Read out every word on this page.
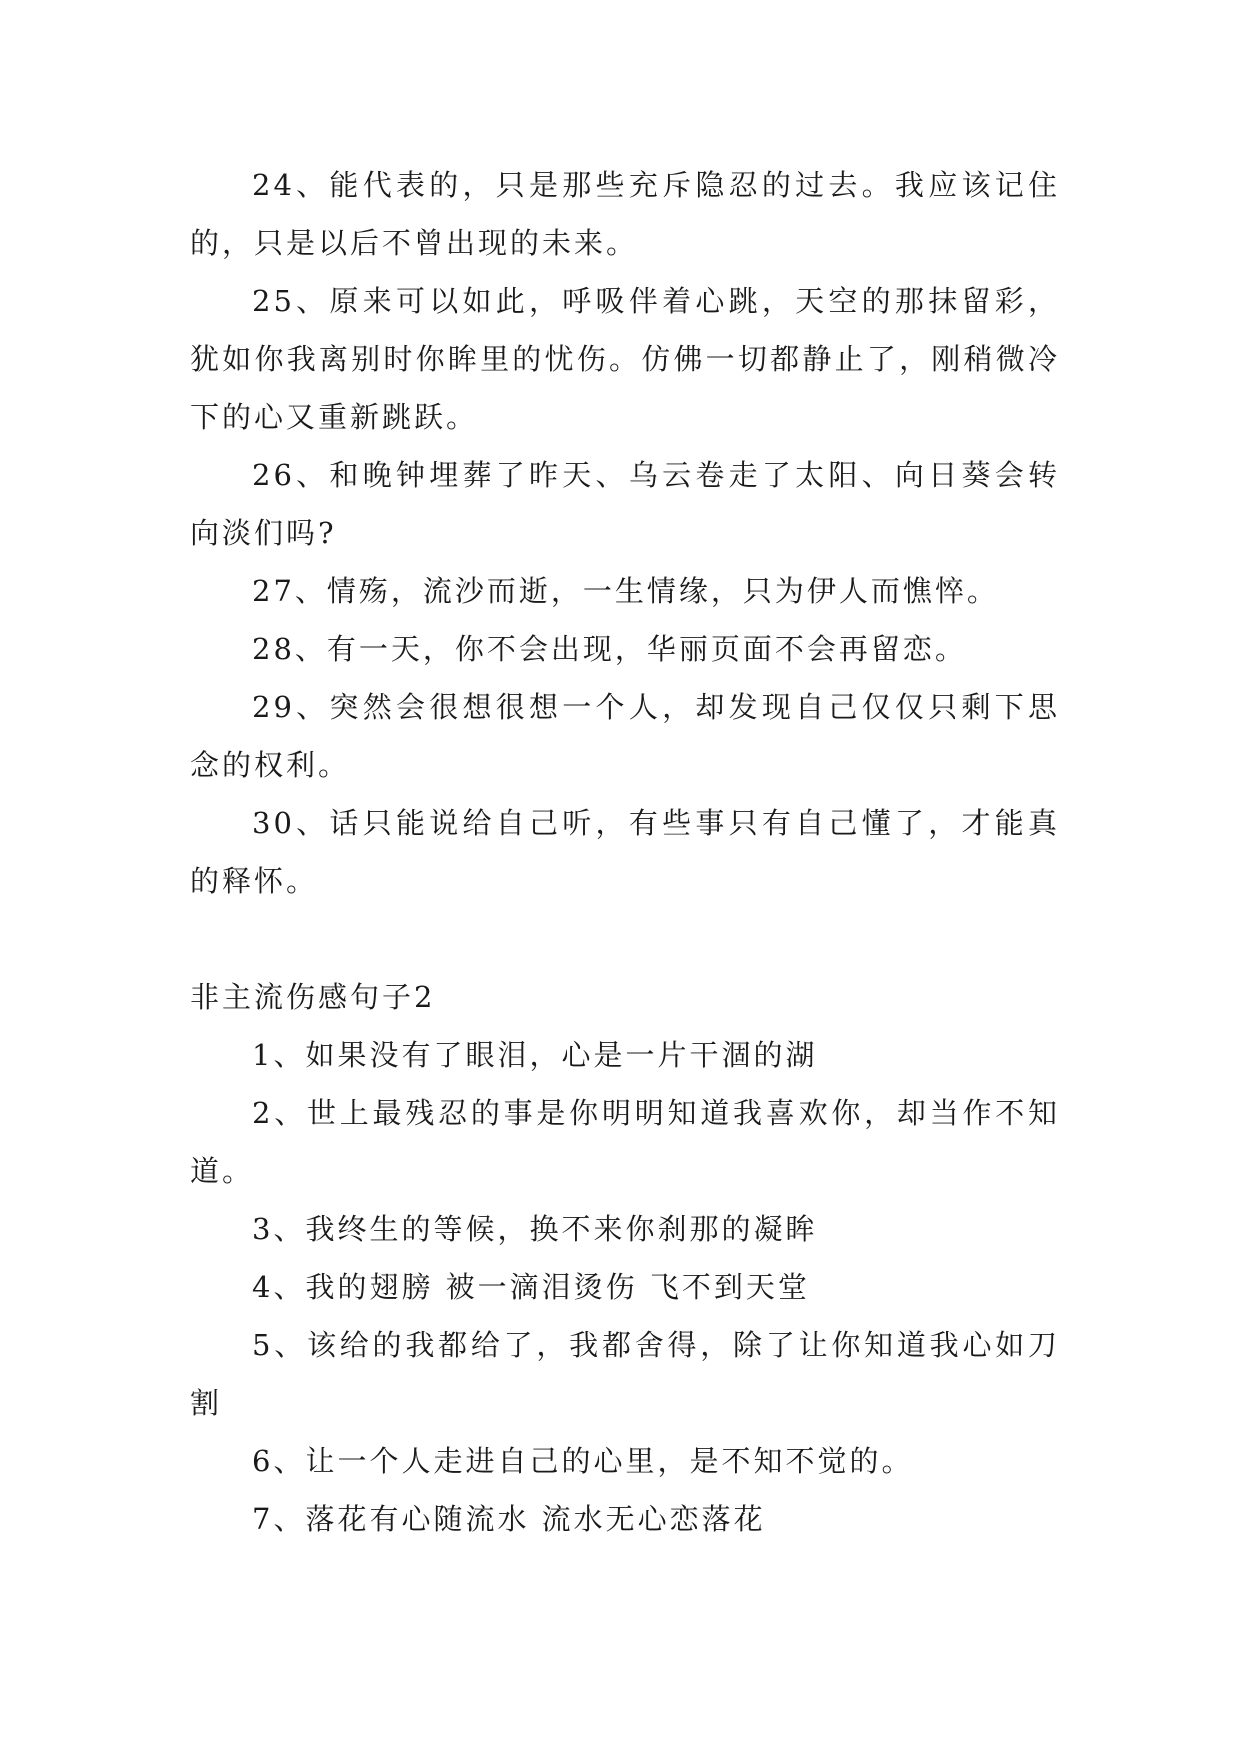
24、能代表的，只是那些充斥隐忍的过去。我应该记住的，只是以后不曾出现的未来。

25、原来可以如此，呼吸伴着心跳，天空的那抹留彩，犹如你我离别时你眸里的忧伤。仿佛一切都静止了，刚稍微冷下的心又重新跳跃。

26、和晚钟埋葬了昨天、乌云卷走了太阳、向日葵会转向淡们吗?

27、情殇，流沙而逝，一生情缘，只为伊人而憔悴。

28、有一天，你不会出现，华丽页面不会再留恋。

29、突然会很想很想一个人，却发现自己仅仅只剩下思念的权利。

30、话只能说给自己听，有些事只有自己懂了，才能真的释怀。

非主流伤感句子2

1、如果没有了眼泪，心是一片干涸的湖

2、世上最残忍的事是你明明知道我喜欢你，却当作不知道。

3、我终生的等候，换不来你刹那的凝眸

4、我的翅膀 被一滴泪烫伤 飞不到天堂

5、该给的我都给了，我都舍得，除了让你知道我心如刀割

6、让一个人走进自己的心里，是不知不觉的。

7、落花有心随流水 流水无心恋落花
